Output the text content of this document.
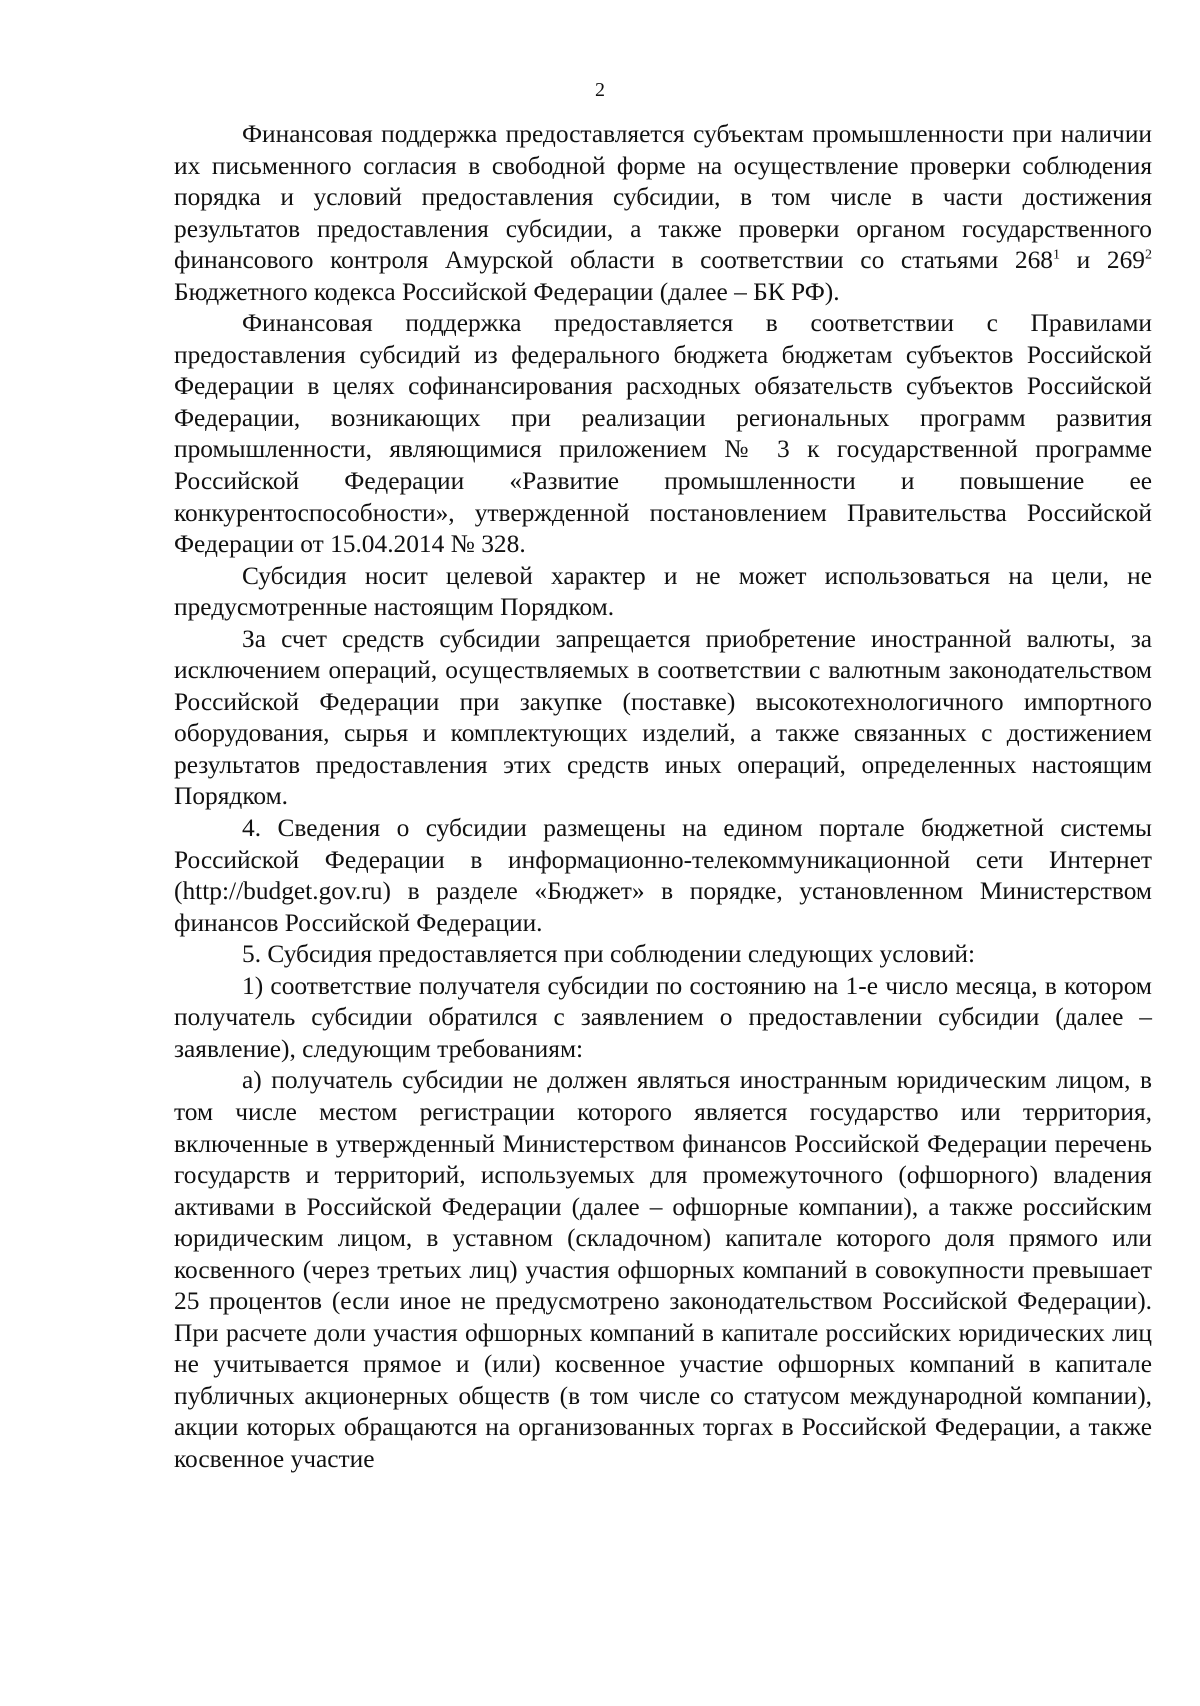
2

Финансовая поддержка предоставляется субъектам промышленности при наличии их письменного согласия в свободной форме на осуществление проверки соблюдения порядка и условий предоставления субсидии, в том числе в части достижения результатов предоставления субсидии, а также проверки органом государственного финансового контроля Амурской области в соответствии со статьями $268^1$ и $269^2$ Бюджетного кодекса Российской Федерации (далее – БК РФ).

Финансовая поддержка предоставляется в соответствии с Правилами предоставления субсидий из федерального бюджета бюджетам субъектов Российской Федерации в целях софинансирования расходных обязательств субъектов Российской Федерации, возникающих при реализации региональных программ развития промышленности, являющимися приложением № 3 к государственной программе Российской Федерации «Развитие промышленности и повышение ее конкурентоспособности», утвержденной постановлением Правительства Российской Федерации от 15.04.2014 № 328.

Субсидия носит целевой характер и не может использоваться на цели, не предусмотренные настоящим Порядком.

За счет средств субсидии запрещается приобретение иностранной валюты, за исключением операций, осуществляемых в соответствии с валютным законодательством Российской Федерации при закупке (поставке) высокотехнологичного импортного оборудования, сырья и комплектующих изделий, а также связанных с достижением результатов предоставления этих средств иных операций, определенных настоящим Порядком.

4. Сведения о субсидии размещены на едином портале бюджетной системы Российской Федерации в информационно-телекоммуникационной сети Интернет (http://budget.gov.ru) в разделе «Бюджет» в порядке, установленном Министерством финансов Российской Федерации.

5. Субсидия предоставляется при соблюдении следующих условий:

1) соответствие получателя субсидии по состоянию на 1-е число месяца, в котором получатель субсидии обратился с заявлением о предоставлении субсидии (далее – заявление), следующим требованиям:

а) получатель субсидии не должен являться иностранным юридическим лицом, в том числе местом регистрации которого является государство или территория, включенные в утвержденный Министерством финансов Российской Федерации перечень государств и территорий, используемых для промежуточного (офшорного) владения активами в Российской Федерации (далее – офшорные компании), а также российским юридическим лицом, в уставном (складочном) капитале которого доля прямого или косвенного (через третьих лиц) участия офшорных компаний в совокупности превышает 25 процентов (если иное не предусмотрено законодательством Российской Федерации). При расчете доли участия офшорных компаний в капитале российских юридических лиц не учитывается прямое и (или) косвенное участие офшорных компаний в капитале публичных акционерных обществ (в том числе со статусом международной компании), акции которых обращаются на организованных торгах в Российской Федерации, а также косвенное участие
